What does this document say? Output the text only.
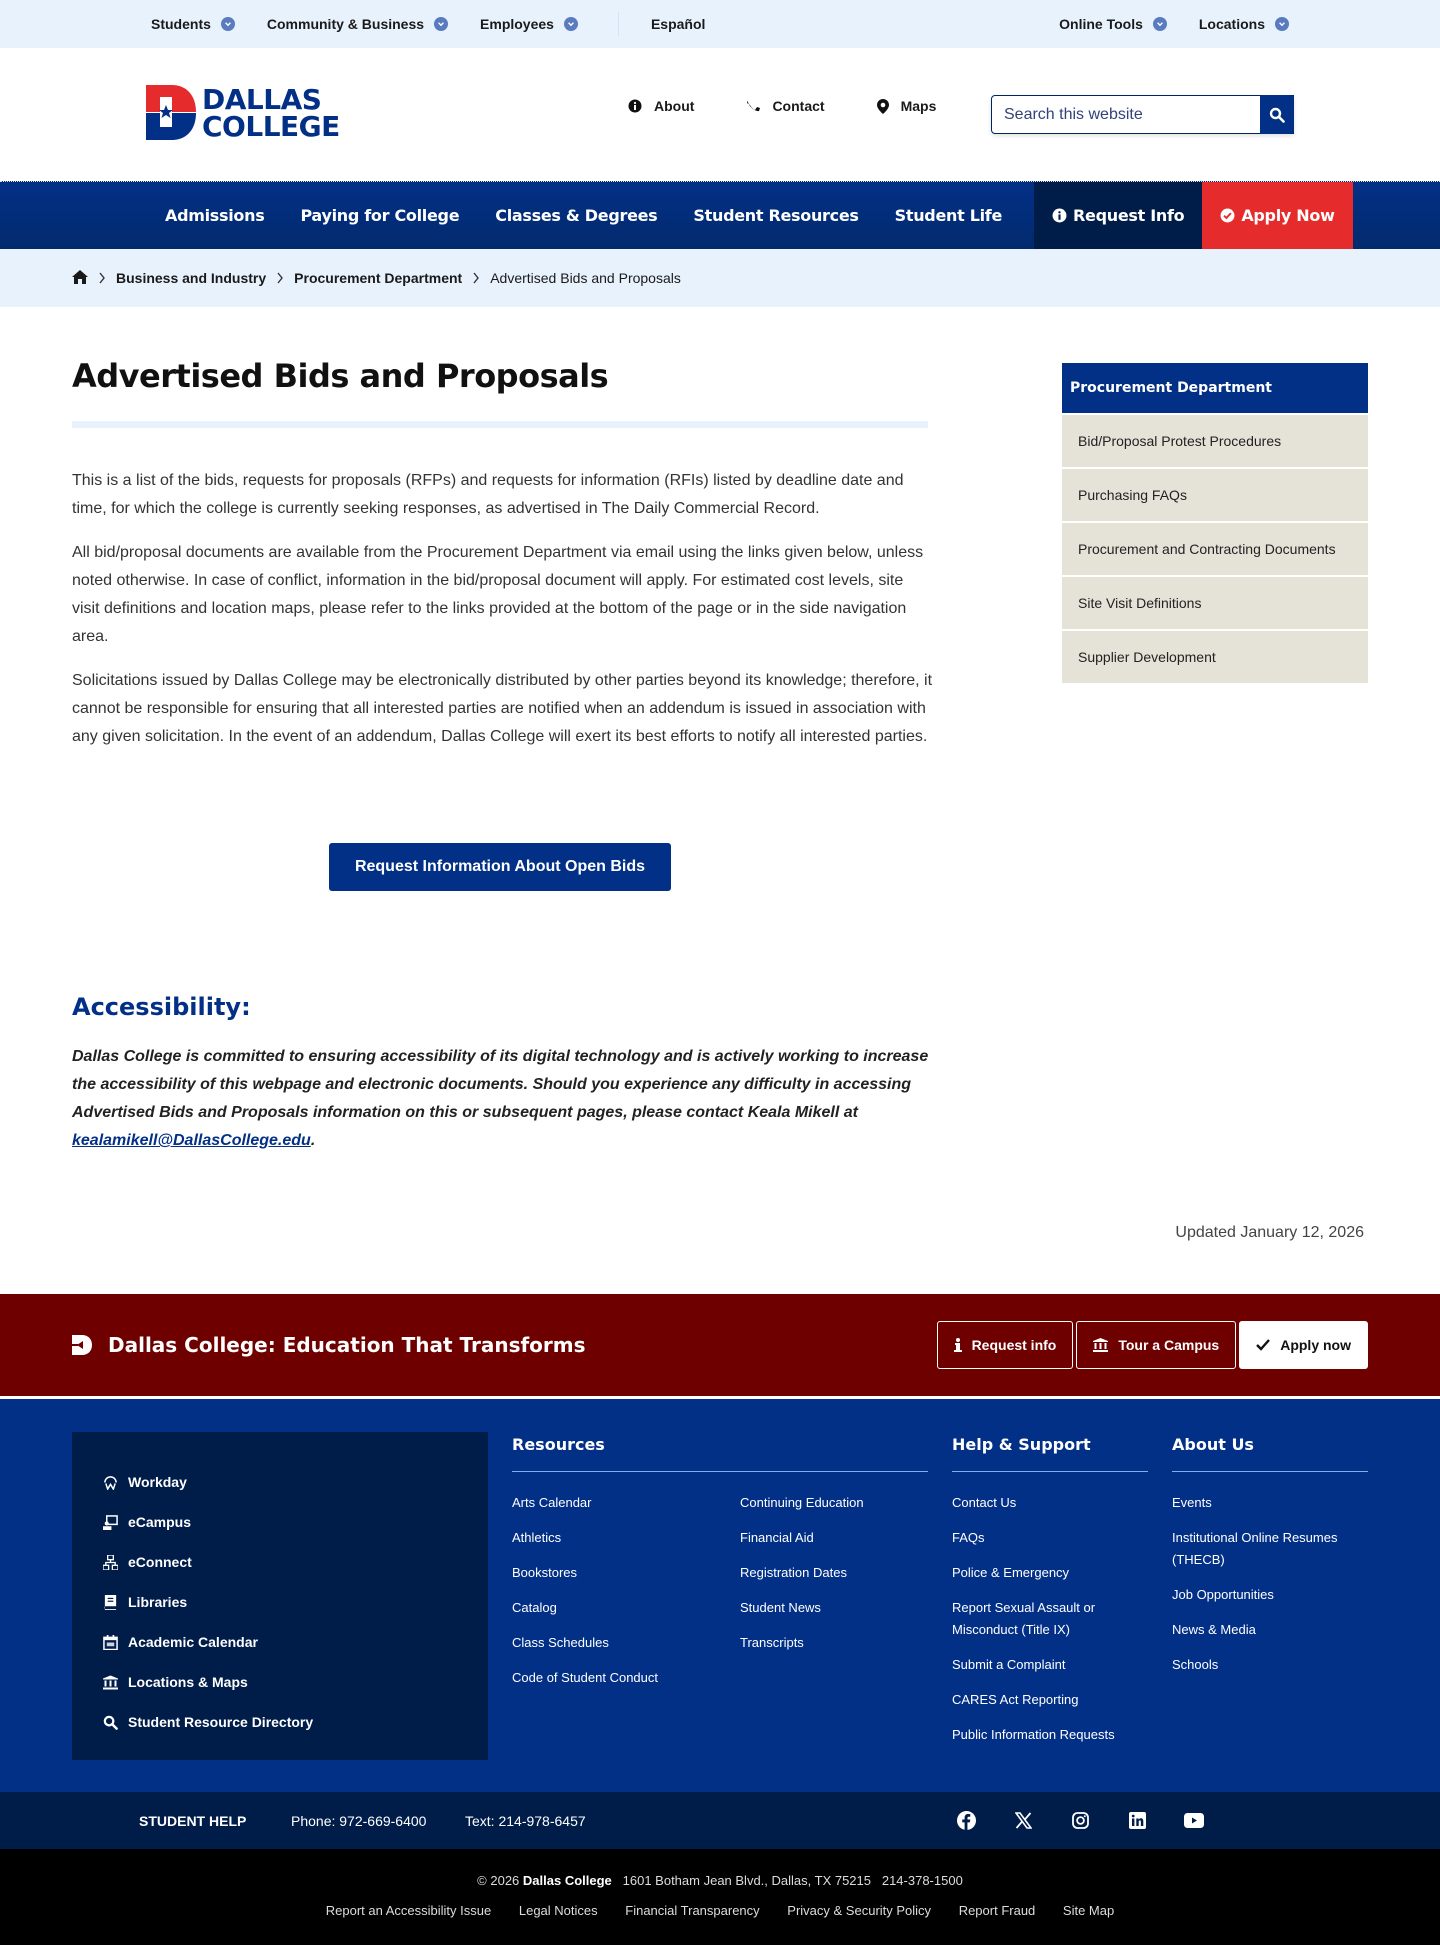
Students	Community & Business	Employees	Español	Online Tools	Locations
DALLAS
COLLEGE
About	Contact	Maps	Search this website
Admissions	Paying for College	Classes & Degrees	Student Resources	Student Life	Request Info	Apply Now
Business and Industry Procurement Department Advertised Bids and Proposals
Advertised Bids and Proposals

This is a list of the bids, requests for proposals (RFPs) and requests for information (RFIs) listed by deadline date and time, for which the college is currently seeking responses, as advertised in The Daily Commercial Record.

All bid/proposal documents are available from the Procurement Department via email using the links given below, unless noted otherwise. In case of conflict, information in the bid/proposal document will apply. For estimated cost levels, site visit definitions and location maps, please refer to the links provided at the bottom of the page or in the side navigation area.

Solicitations issued by Dallas College may be electronically distributed by other parties beyond its knowledge; therefore, it cannot be responsible for ensuring that all interested parties are notified when an addendum is issued in association with any given solicitation. In the event of an addendum, Dallas College will exert its best efforts to notify all interested parties.

Request Information About Open Bids
Accessibility:

Dallas College is committed to ensuring accessibility of its digital technology and is actively working to increase the accessibility of this webpage and electronic documents. Should you experience any difficulty in accessing Advertised Bids and Proposals information on this or subsequent pages, please contact Keala Mikell at kealamikell@DallasCollege.edu.

Updated January 12, 2026
Procurement Department
Bid/Proposal Protest Procedures
Purchasing FAQs
Procurement and Contracting Documents
Site Visit Definitions
Supplier Development
Dallas College: Education That Transforms	Request info	Tour a Campus	Apply now
Workday
eCampus
eConnect
Libraries
Academic Calendar
Locations & Maps
Student Resource Directory
Resources
Arts Calendar	Continuing Education
Athletics	Financial Aid
Bookstores	Registration Dates
Catalog	Student News
Class Schedules	Transcripts
Code of Student Conduct
Help & Support
Contact Us
FAQs
Police & Emergency
Report Sexual Assault or Misconduct (Title IX)
Submit a Complaint
CARES Act Reporting
Public Information Requests
About Us
Events
Institutional Online Resumes (THECB)
Job Opportunities
News & Media
Schools
STUDENT HELP	Phone: 972-669-6400	Text: 214-978-6457
© 2026 Dallas College 1601 Botham Jean Blvd., Dallas, TX 75215 214-378-1500
Report an Accessibility Issue Legal Notices Financial Transparency Privacy & Security Policy Report Fraud Site Map
